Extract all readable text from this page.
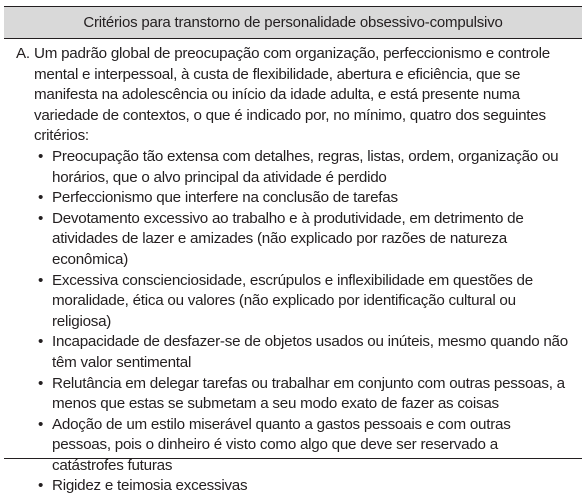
Critérios para transtorno de personalidade obsessivo-compulsivo
A. Um padrão global de preocupação com organização, perfeccionismo e controle mental e interpessoal, à custa de flexibilidade, abertura e eficiência, que se manifesta na adolescência ou início da idade adulta, e está presente numa variedade de contextos, o que é indicado por, no mínimo, quatro dos seguintes critérios:
• Preocupação tão extensa com detalhes, regras, listas, ordem, organização ou horários, que o alvo principal da atividade é perdido
• Perfeccionismo que interfere na conclusão de tarefas
• Devotamento excessivo ao trabalho e à produtividade, em detrimento de atividades de lazer e amizades (não explicado por razões de natureza econômica)
• Excessiva conscienciosidade, escrúpulos e inflexibilidade em questões de moralidade, ética ou valores (não explicado por identificação cultural ou religiosa)
• Incapacidade de desfazer-se de objetos usados ou inúteis, mesmo quando não têm valor sentimental
• Relutância em delegar tarefas ou trabalhar em conjunto com outras pessoas, a menos que estas se submetam a seu modo exato de fazer as coisas
• Adoção de um estilo miserável quanto a gastos pessoais e com outras pessoas, pois o dinheiro é visto como algo que deve ser reservado a catástrofes futuras
• Rigidez e teimosia excessivas
